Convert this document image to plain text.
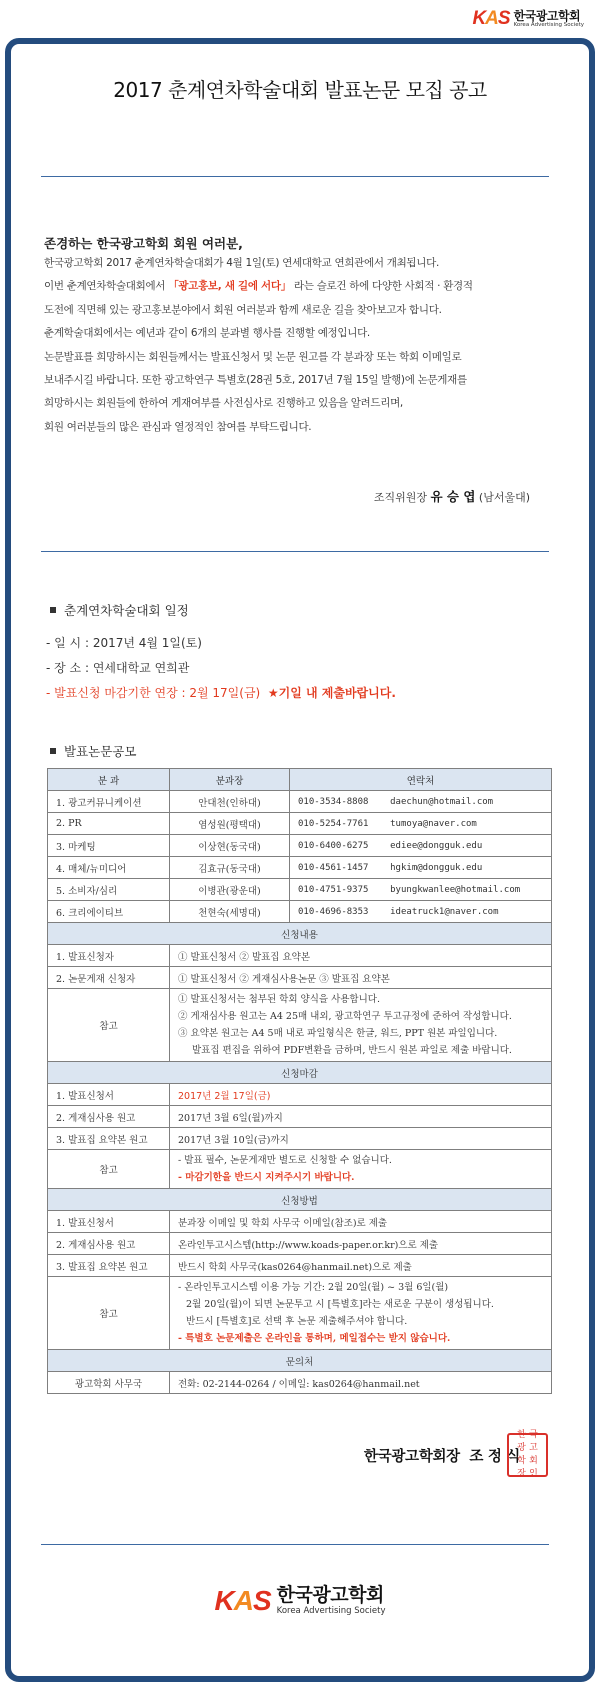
KAS 한국광고학회
Korea Advertising Society
2017 춘계연차학술대회 발표논문 모집 공고
존경하는 한국광고학회 회원 여러분,

한국광고학회 2017 춘계연차학술대회가 4월 1일(토) 연세대학교 연희관에서 개최됩니다.

이번 춘계연차학술대회에서 「광고홍보, 새 길에 서다」 라는 슬로건 하에 다양한 사회적 · 환경적

도전에 직면해 있는 광고홍보분야에서 회원 여러분과 함께 새로운 길을 찾아보고자 합니다.

춘계학술대회에서는 예년과 같이 6개의 분과별 행사를 진행할 예정입니다.

논문발표를 희망하시는 회원들께서는 발표신청서 및 논문 원고를 각 분과장 또는 학회 이메일로

보내주시길 바랍니다. 또한 광고학연구 특별호(28권 5호, 2017년 7월 15일 발행)에 논문게재를

희망하시는 회원들에 한하여 게재여부를 사전심사로 진행하고 있음을 알려드리며,

회원 여러분들의 많은 관심과 열정적인 참여를 부탁드립니다.

조직위원장 유 승 엽 (남서울대)
춘계연차학술대회 일정
- 일 시 : 2017년 4월 1일(토)
- 장 소 : 연세대학교 연희관
- 발표신청 마감기한 연장 : 2월 17일(금) ★기일 내 제출바랍니다.
발표논문공모
분 과	분과장	연락처
1. 광고커뮤니케이션	안대천(인하대)	010-3534-8808 daechun@hotmail.com
2. PR	염성원(평택대)	010-5254-7761 tumoya@naver.com
3. 마케팅	이상현(동국대)	010-6400-6275 ediee@dongguk.edu
4. 매체/뉴미디어	김효규(동국대)	010-4561-1457 hgkim@dongguk.edu
5. 소비자/심리	이병관(광운대)	010-4751-9375 byungkwanlee@hotmail.com
6. 크리에이티브	천현숙(세명대)	010-4696-8353 ideatruck1@naver.com
신청내용		
1. 발표신청자	① 발표신청서 ② 발표집 요약본	
2. 논문게재 신청자	① 발표신청서 ② 게재심사용논문 ③ 발표집 요약본	
참고	① 발표신청서는 첨부된 학회 양식을 사용합니다.
② 게재심사용 원고는 A4 25매 내외, 광고학연구 투고규정에 준하여 작성합니다.
③ 요약본 원고는 A4 5매 내로 파일형식은 한글, 워드, PPT 원본 파일입니다.
발표집 편집을 위하여 PDF변환을 금하며, 반드시 원본 파일로 제출 바랍니다.	

신청마감		
1. 발표신청서	2017년 2월 17일(금)	
2. 게재심사용 원고	2017년 3월 6일(월)까지	
3. 발표집 요약본 원고	2017년 3월 10일(금)까지	
참고	- 발표 필수, 논문게재만 별도로 신청할 수 없습니다.
- 마감기한을 반드시 지켜주시기 바랍니다.	

신청방법		
1. 발표신청서	분과장 이메일 및 학회 사무국 이메일(참조)로 제출	
2. 게재심사용 원고	온라인투고시스템(http://www.koads-paper.or.kr)으로 제출	
3. 발표집 요약본 원고	반드시 학회 사무국(kas0264@hanmail.net)으로 제출	
참고	- 온라인투고시스템 이용 가능 기간: 2월 20일(월) ~ 3월 6일(월)
2월 20일(월)이 되면 논문투고 시 [특별호]라는 새로운 구분이 생성됩니다.
반드시 [특별호]로 선택 후 논문 제출해주셔야 합니다.
- 특별호 논문제출은 온라인을 통하며, 메일접수는 받지 않습니다.	

문의처		
광고학회 사무국	전화: 02-2144-0264 / 이메일: kas0264@hanmail.net	
한국광고학회장 조 정 식
한 국
광 고
학 회
장 인
KAS 한국광고학회
Korea Advertising Society
